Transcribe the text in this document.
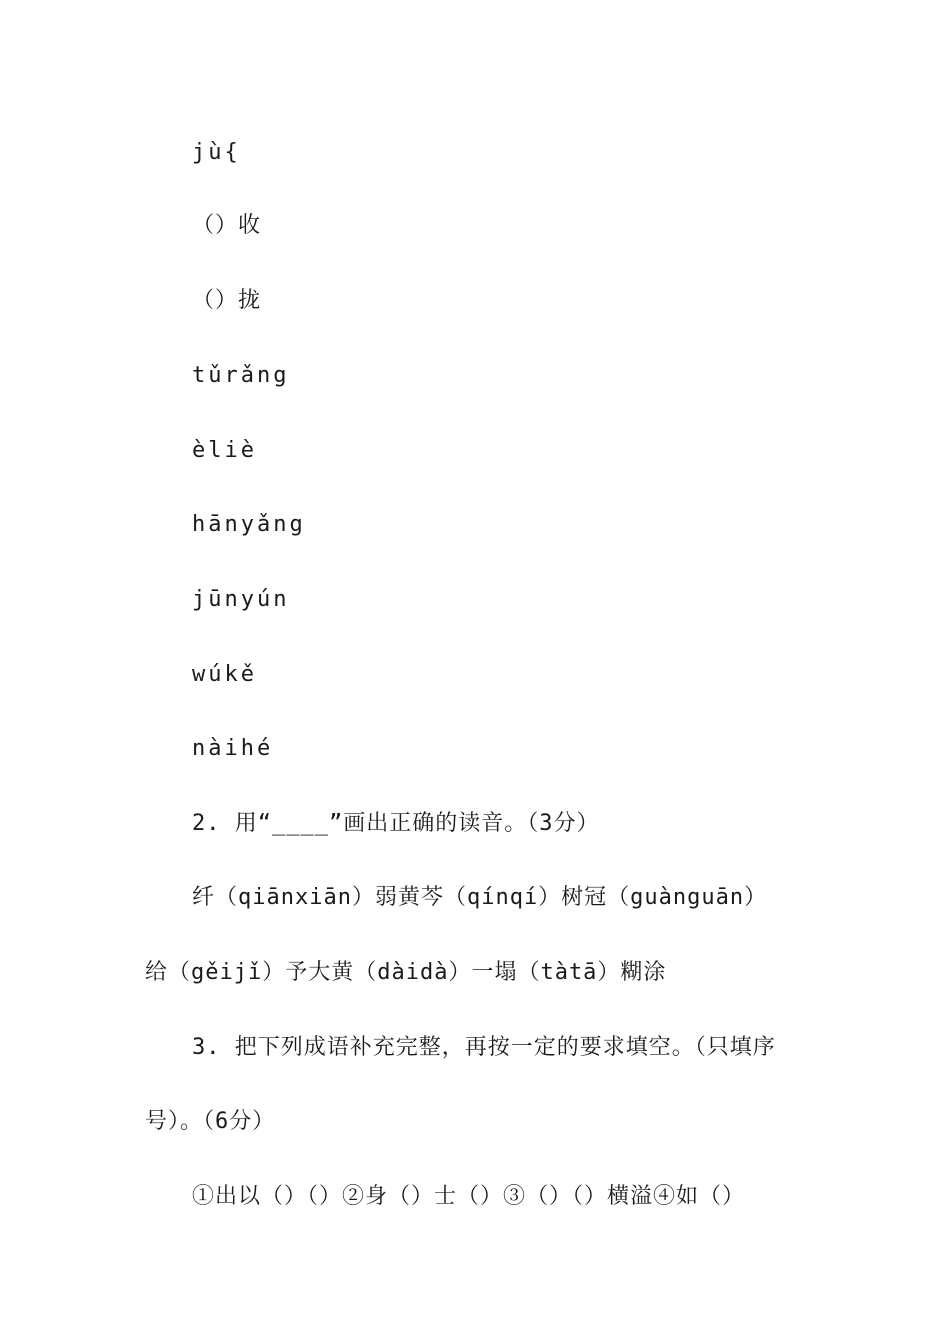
jù{
（）收
（）拢
tǔrǎng
èliè
hānyǎng
jūnyún
wúkě
nàihé
2. 用“____”画出正确的读音。（3分）
纤（qiānxiān）弱黄芩（qínqí）树冠（guànguān）
给（gěijǐ）予大黄（dàidà）一塌（tàtā）糊涂
3. 把下列成语补充完整，再按一定的要求填空。（只填序
号）。（6分）
①出以（）（）②身（）士（）③（）（）横溢④如（）
